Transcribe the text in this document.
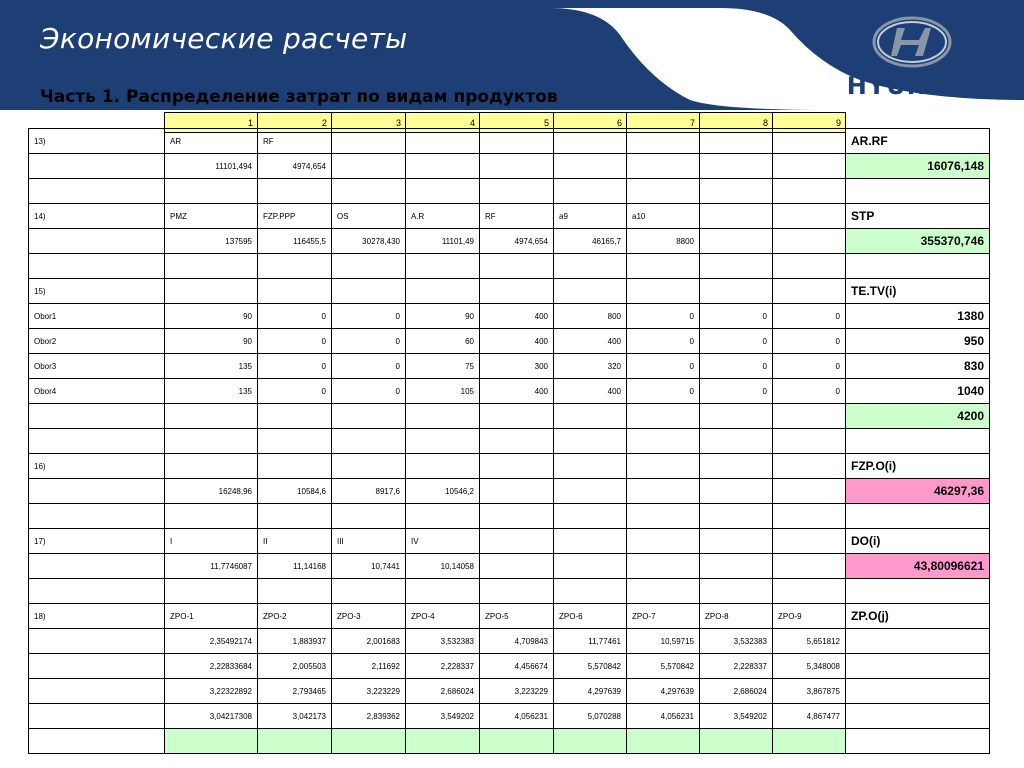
Экономические расчеты
HYUNDAI
Часть 1. Распределение затрат по видам продуктов
1	2	3	4	5	6	7	8	9
13)	AR	RF								AR.RF
	11101,494	4974,654								16076,148

14)	PMZ	FZP.PPP	OS	A.R	RF	a9	a10			STP
	137595	116455,5	30278,430	11101,49	4974,654	46165,7	8800			355370,746

15)										TE.TV(i)
Obor1	90	0	0	90	400	800	0	0	0	1380
Obor2	90	0	0	60	400	400	0	0	0	950
Obor3	135	0	0	75	300	320	0	0	0	830
Obor4	135	0	0	105	400	400	0	0	0	1040
										4200

16)										FZP.O(i)
	16248,96	10584,6	8917,6	10546,2						46297,36

17)	I	II	III	IV						DO(i)
	11,7746087	11,14168	10,7441	10,14058						43,80096621

18)	ZPO-1	ZPO-2	ZPO-3	ZPO-4	ZPO-5	ZPO-6	ZPO-7	ZPO-8	ZPO-9	ZP.O(j)
	2,35492174	1,883937	2,001683	3,532383	4,709843	11,77461	10,59715	3,532383	5,651812	
	2,22833684	2,005503	2,11692	2,228337	4,456674	5,570842	5,570842	2,228337	5,348008	
	3,22322892	2,793465	3,223229	2,686024	3,223229	4,297639	4,297639	2,686024	3,867875	
	3,04217308	3,042173	2,839362	3,549202	4,056231	5,070288	4,056231	3,549202	4,867477	
